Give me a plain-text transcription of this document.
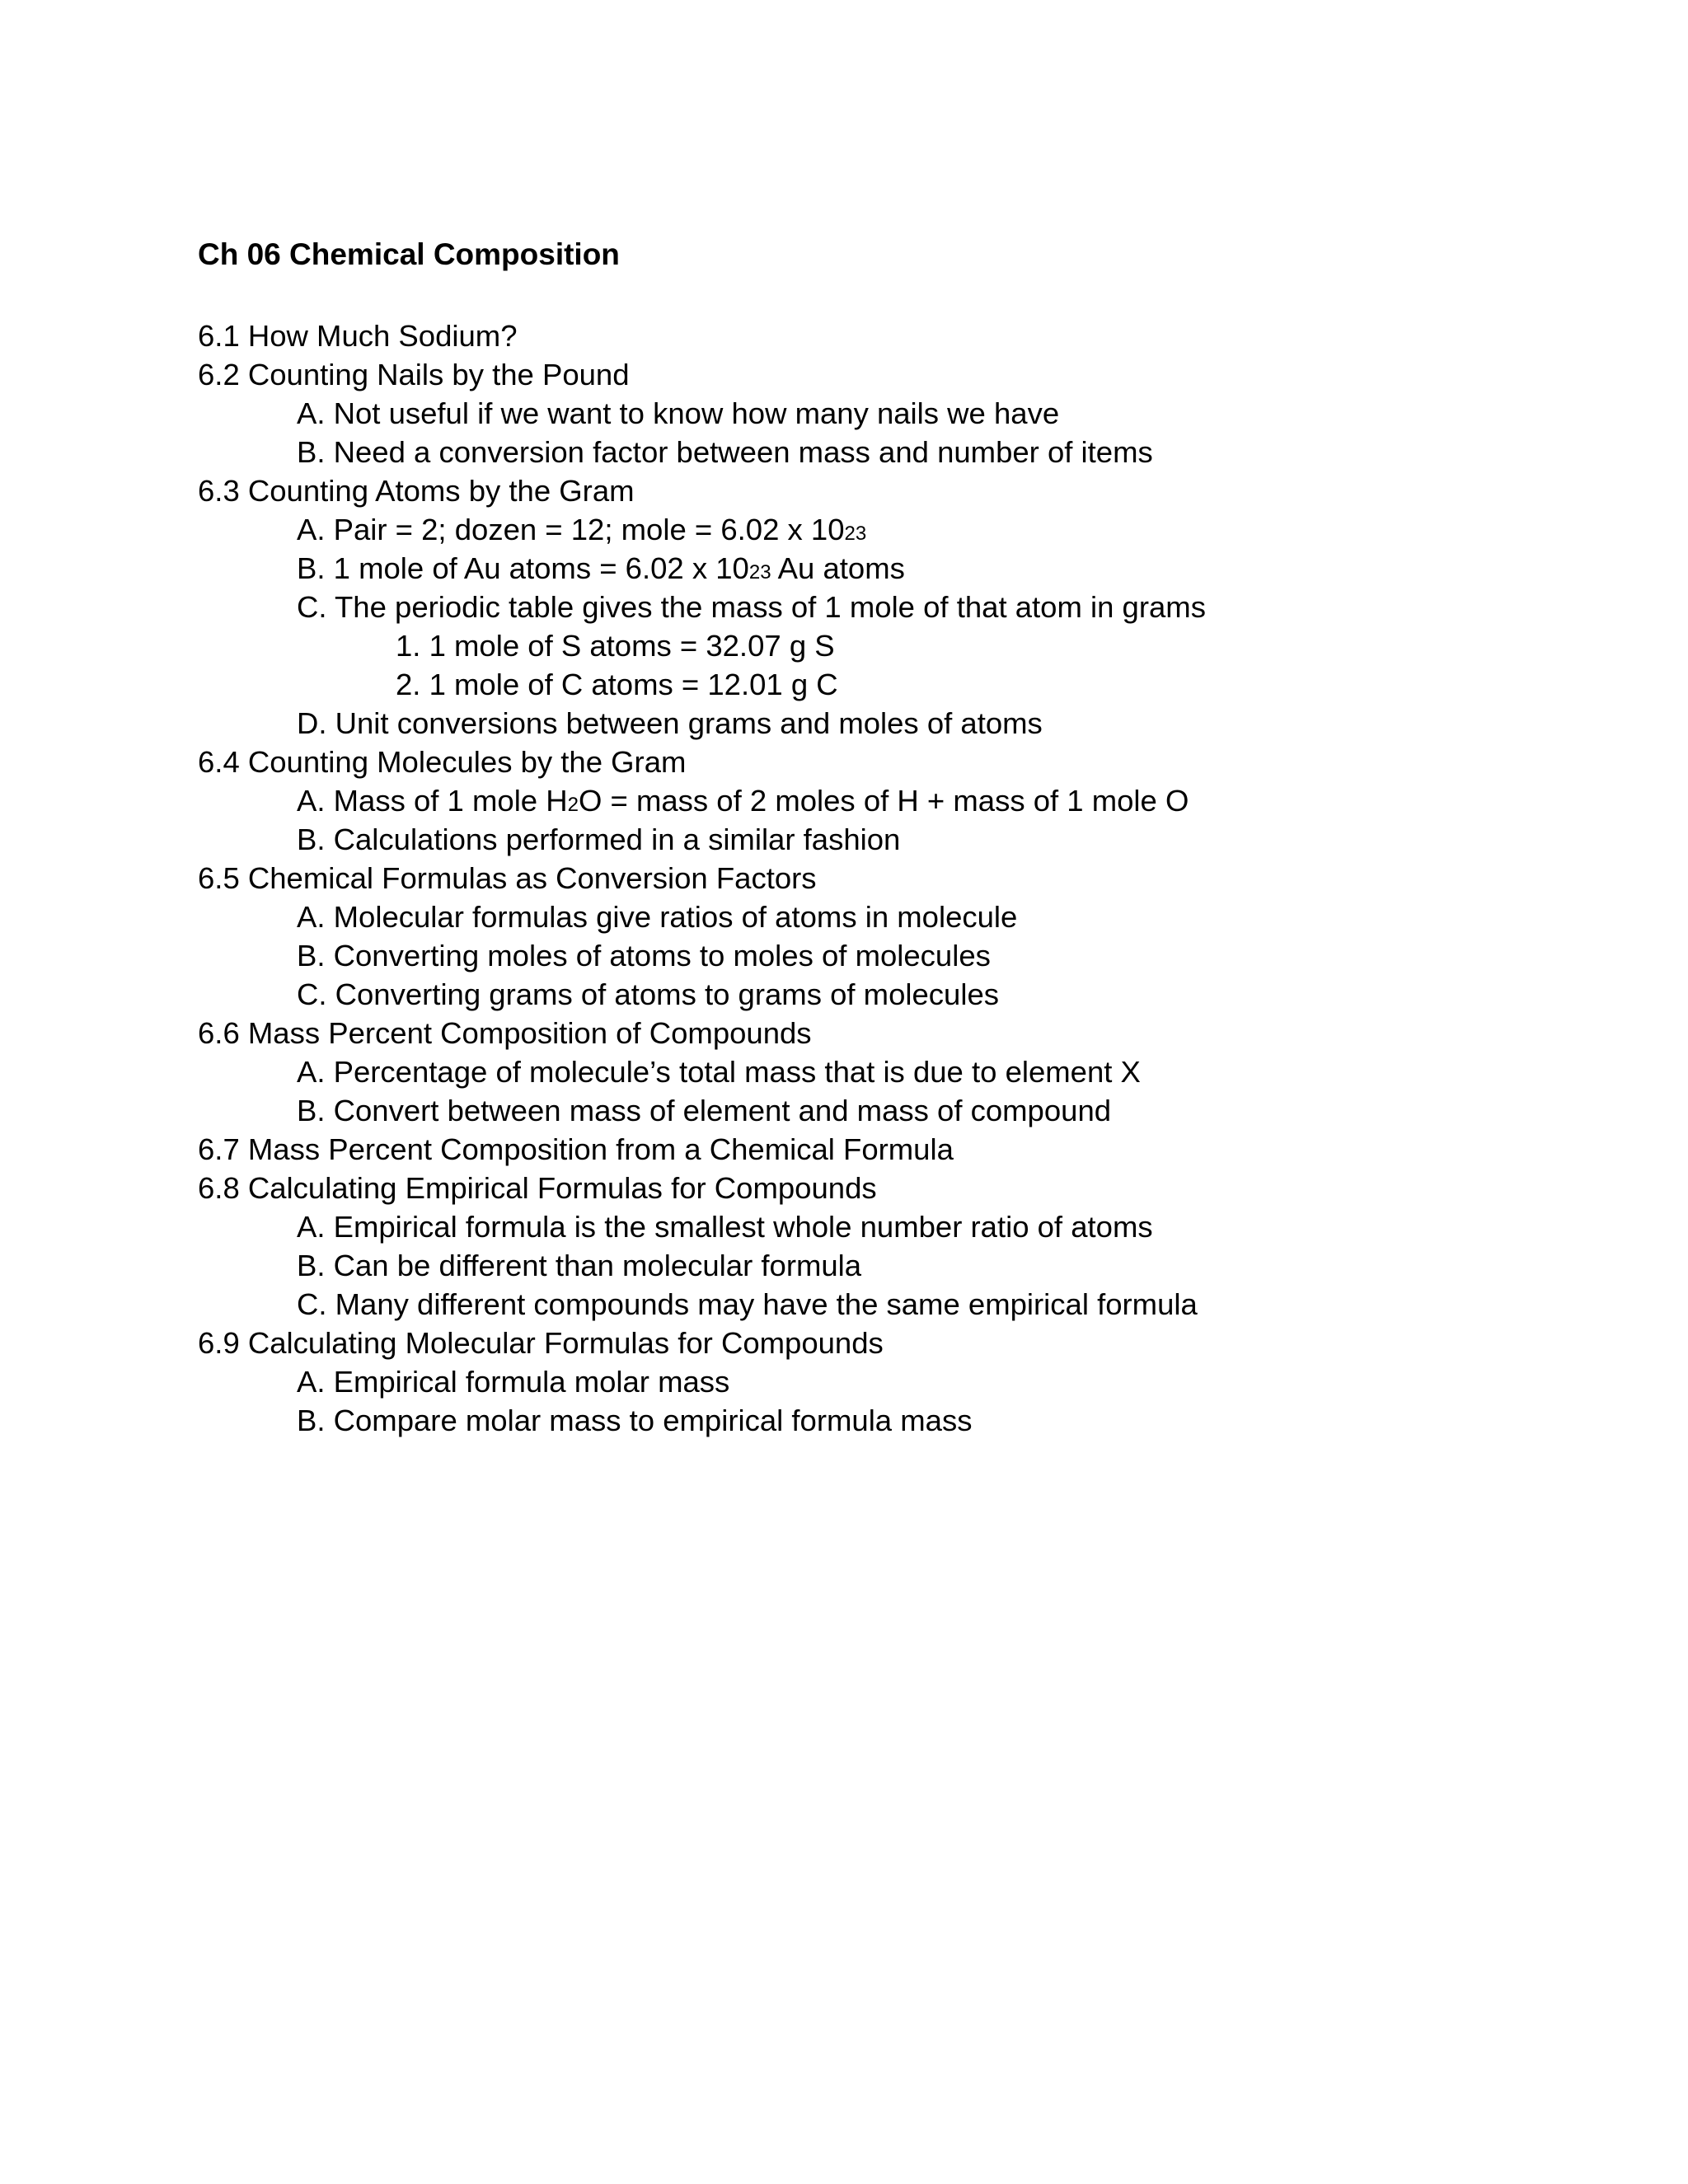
Ch 06 Chemical Composition
6.1 How Much Sodium?
6.2 Counting Nails by the Pound
A. Not useful if we want to know how many nails we have
B. Need a conversion factor between mass and number of items
6.3 Counting Atoms by the Gram
A. Pair = 2; dozen = 12; mole = 6.02 x 1023
B. 1 mole of Au atoms = 6.02 x 1023 Au atoms
C. The periodic table gives the mass of 1 mole of that atom in grams
1. 1 mole of S atoms = 32.07 g S
2. 1 mole of C atoms = 12.01 g C
D. Unit conversions between grams and moles of atoms
6.4 Counting Molecules by the Gram
A. Mass of 1 mole H2O = mass of 2 moles of H + mass of 1 mole O
B. Calculations performed in a similar fashion
6.5 Chemical Formulas as Conversion Factors
A. Molecular formulas give ratios of atoms in molecule
B. Converting moles of atoms to moles of molecules
C. Converting grams of atoms to grams of molecules
6.6 Mass Percent Composition of Compounds
A. Percentage of molecule’s total mass that is due to element X
B. Convert between mass of element and mass of compound
6.7 Mass Percent Composition from a Chemical Formula
6.8 Calculating Empirical Formulas for Compounds
A. Empirical formula is the smallest whole number ratio of atoms
B. Can be different than molecular formula
C. Many different compounds may have the same empirical formula
6.9 Calculating Molecular Formulas for Compounds
A. Empirical formula molar mass
B. Compare molar mass to empirical formula mass
